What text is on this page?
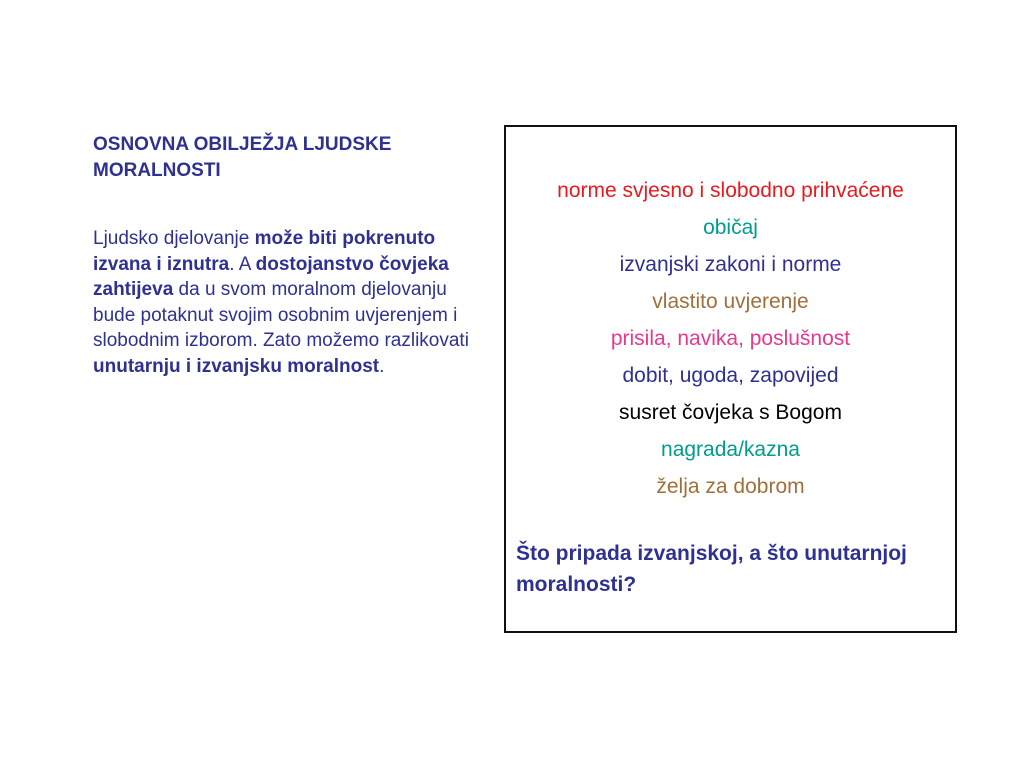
OSNOVNA OBILJEŽJA LJUDSKE MORALNOSTI
Ljudsko djelovanje može biti pokrenuto izvana i iznutra. A dostojanstvo čovjeka zahtijeva da u svom moralnom djelovanju bude potaknut svojim osobnim uvjerenjem i slobodnim izborom. Zato možemo razlikovati unutarnju i izvanjsku moralnost.
norme svjesno i slobodno prihvaćene
običaj
izvanjski zakoni i norme
vlastito uvjerenje
prisila, navika, poslušnost
dobit, ugoda, zapovijed
susret čovjeka s Bogom
nagrada/kazna
želja za dobrom
Što pripada izvanjskoj, a što unutarnjoj moralnosti?
